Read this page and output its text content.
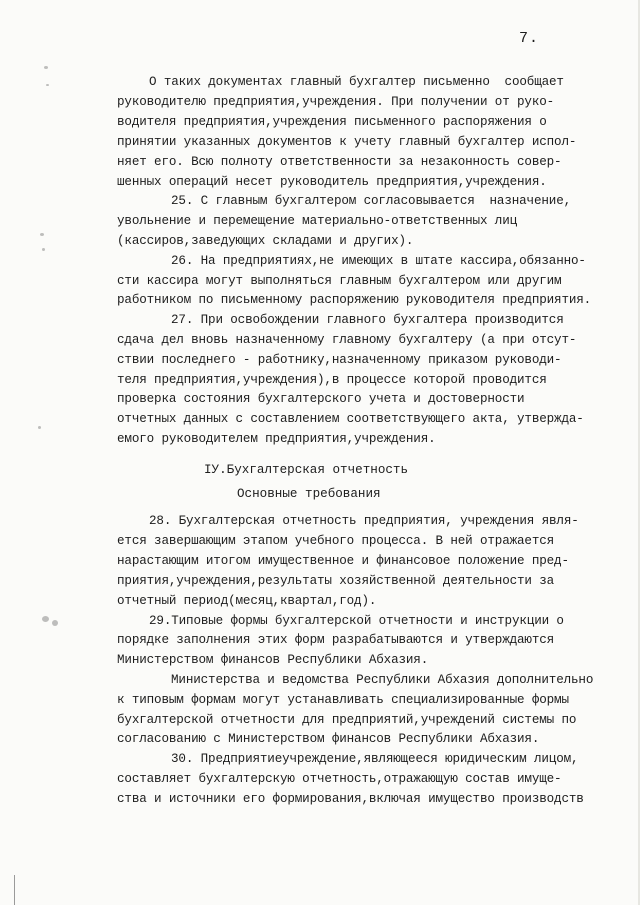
7.
О таких документах главный бухгалтер письменно  сообщает
руководителю предприятия,учреждения. При получении от руко-
водителя предприятия,учреждения письменного распоряжения о
принятии указанных документов к учету главный бухгалтер испол-
няет его. Всю полноту ответственности за незаконность совер-
шенных операций несет руководитель предприятия,учреждения.
25. С главным бухгалтером согласовывается  назначение,
увольнение и перемещение материально-ответственных лиц
(кассиров,заведующих складами и других).
26. На предприятиях,не имеющих в штате кассира,обязанно-
сти кассира могут выполняться главным бухгалтером или другим
работником по письменному распоряжению руководителя предприятия.
27. При освобождении главного бухгалтера производится
сдача дел вновь назначенному главному бухгалтеру (а при отсут-
ствии последнего - работнику,назначенному приказом руководи-
теля предприятия,учреждения),в процессе которой проводится
проверка состояния бухгалтерского учета и достоверности
отчетных данных с составлением соответствующего акта, утвержда-
емого руководителем предприятия,учреждения.
IУ.Бухгалтерская отчетность
Основные требования
28. Бухгалтерская отчетность предприятия, учреждения явля-
ется завершающим этапом учебного процесса. В ней отражается
нарастающим итогом имущественное и финансовое положение пред-
приятия,учреждения,результаты хозяйственной деятельности за
отчетный период(месяц,квартал,год).
29.Типовые формы бухгалтерской отчетности и инструкции о
порядке заполнения этих форм разрабатываются и утверждаются
Министерством финансов Республики Абхазия.
Министерства и ведомства Республики Абхазия дополнительно
к типовым формам могут устанавливать специализированные формы
бухгалтерской отчетности для предприятий,учреждений системы по
согласованию с Министерством финансов Республики Абхазия.
30. Предприятиеучреждение,являющееся юридическим лицом,
составляет бухгалтерскую отчетность,отражающую состав имуще-
ства и источники его формирования,включая имущество производств
